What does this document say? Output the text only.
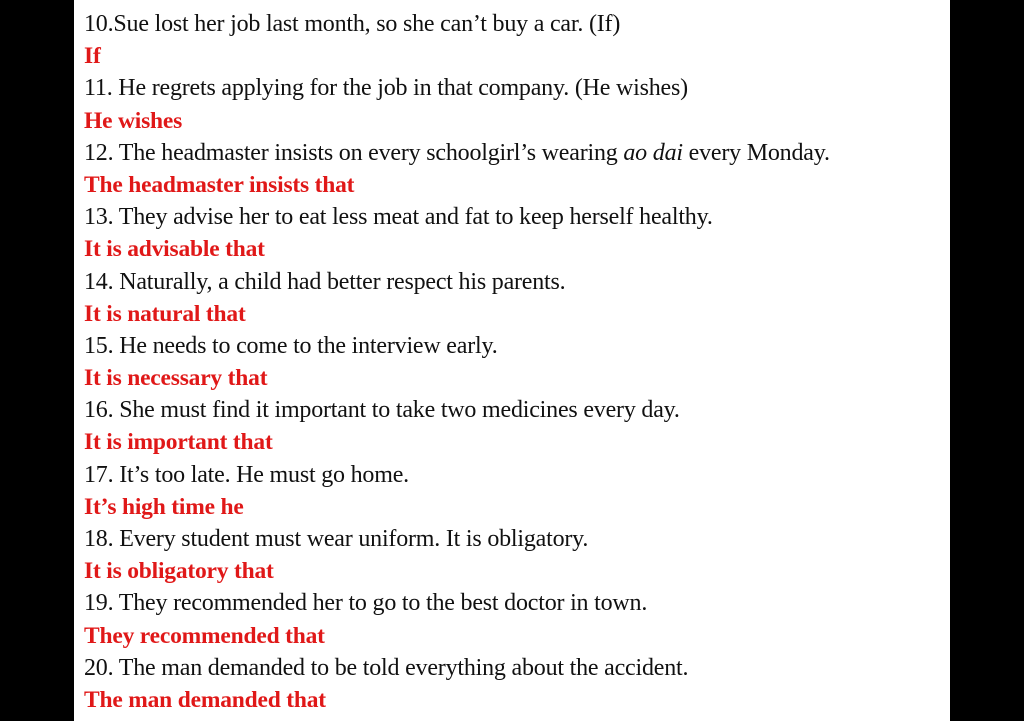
10.Sue lost her job last month, so she can’t buy a car. (If)
If
11. He regrets applying for the job in that company. (He wishes)
He wishes
12. The headmaster insists on every schoolgirl’s wearing ao dai every Monday.
The headmaster insists that
13. They advise her to eat less meat and fat to keep herself healthy.
It is advisable that
14. Naturally, a child had better respect his parents.
It is natural that
15. He needs to come to the interview early.
It is necessary that
16. She must find it important to take two medicines every day.
It is important that
17. It’s too late. He must go home.
It’s high time he
18. Every student must wear uniform. It is obligatory.
It is obligatory that
19. They recommended her to go to the best doctor in town.
They recommended that
20. The man demanded to be told everything about the accident.
The man demanded that
